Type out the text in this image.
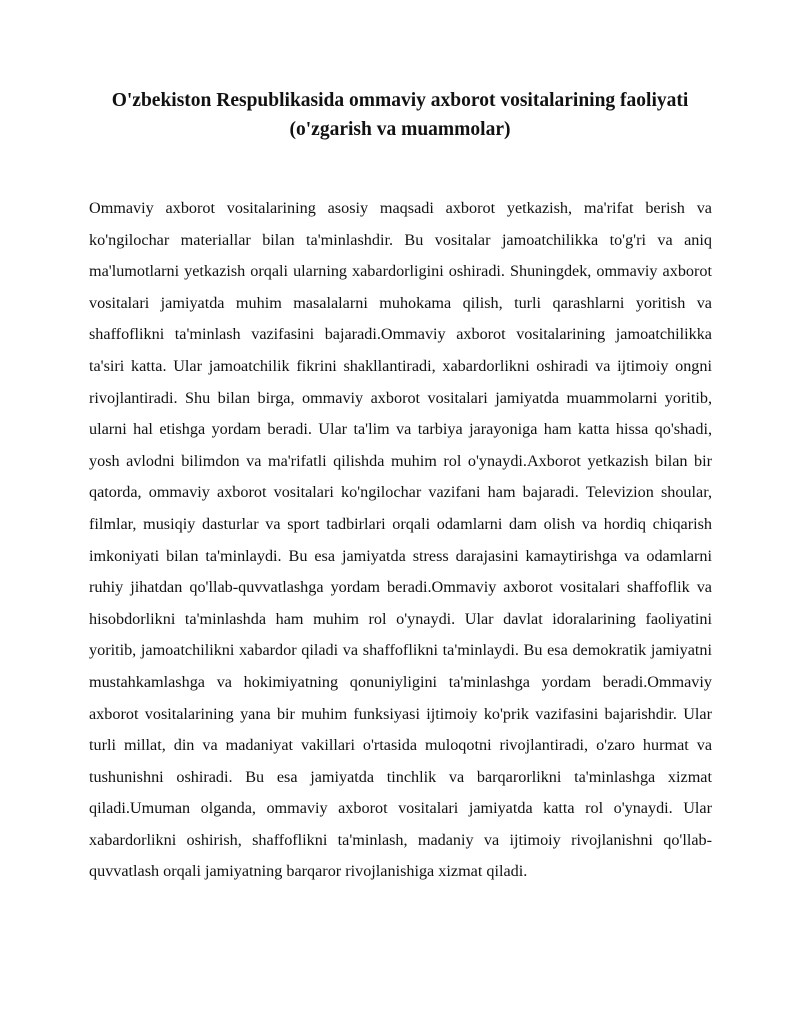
O'zbekiston Respublikasida ommaviy axborot vositalarining faoliyati
(o'zgarish va muammolar)

Ommaviy axborot vositalarining asosiy maqsadi axborot yetkazish, ma'rifat berish va ko'ngilochar materiallar bilan ta'minlashdir. Bu vositalar jamoatchilikka to'g'ri va aniq ma'lumotlarni yetkazish orqali ularning xabardorligini oshiradi. Shuningdek, ommaviy axborot vositalari jamiyatda muhim masalalarni muhokama qilish, turli qarashlarni yoritish va shaffoflikni ta'minlash vazifasini bajaradi.Ommaviy axborot vositalarining jamoatchilikka ta'siri katta. Ular jamoatchilik fikrini shakllantiradi, xabardorlikni oshiradi va ijtimoiy ongni rivojlantiradi. Shu bilan birga, ommaviy axborot vositalari jamiyatda muammolarni yoritib, ularni hal etishga yordam beradi. Ular ta'lim va tarbiya jarayoniga ham katta hissa qo'shadi, yosh avlodni bilimdon va ma'rifatli qilishda muhim rol o'ynaydi.Axborot yetkazish bilan bir qatorda, ommaviy axborot vositalari ko'ngilochar vazifani ham bajaradi. Televizion shoular, filmlar, musiqiy dasturlar va sport tadbirlari orqali odamlarni dam olish va hordiq chiqarish imkoniyati bilan ta'minlaydi. Bu esa jamiyatda stress darajasini kamaytirishga va odamlarni ruhiy jihatdan qo'llab-quvvatlashga yordam beradi.Ommaviy axborot vositalari shaffoflik va hisobdorlikni ta'minlashda ham muhim rol o'ynaydi. Ular davlat idoralarining faoliyatini yoritib, jamoatchilikni xabardor qiladi va shaffoflikni ta'minlaydi. Bu esa demokratik jamiyatni mustahkamlashga va hokimiyatning qonuniyligini ta'minlashga yordam beradi.Ommaviy axborot vositalarining yana bir muhim funksiyasi ijtimoiy ko'prik vazifasini bajarishdir. Ular turli millat, din va madaniyat vakillari o'rtasida muloqotni rivojlantiradi, o'zaro hurmat va tushunishni oshiradi. Bu esa jamiyatda tinchlik va barqarorlikni ta'minlashga xizmat qiladi.Umuman olganda, ommaviy axborot vositalari jamiyatda katta rol o'ynaydi. Ular xabardorlikni oshirish, shaffoflikni ta'minlash, madaniy va ijtimoiy rivojlanishni qo'llab-quvvatlash orqali jamiyatning barqaror rivojlanishiga xizmat qiladi.
